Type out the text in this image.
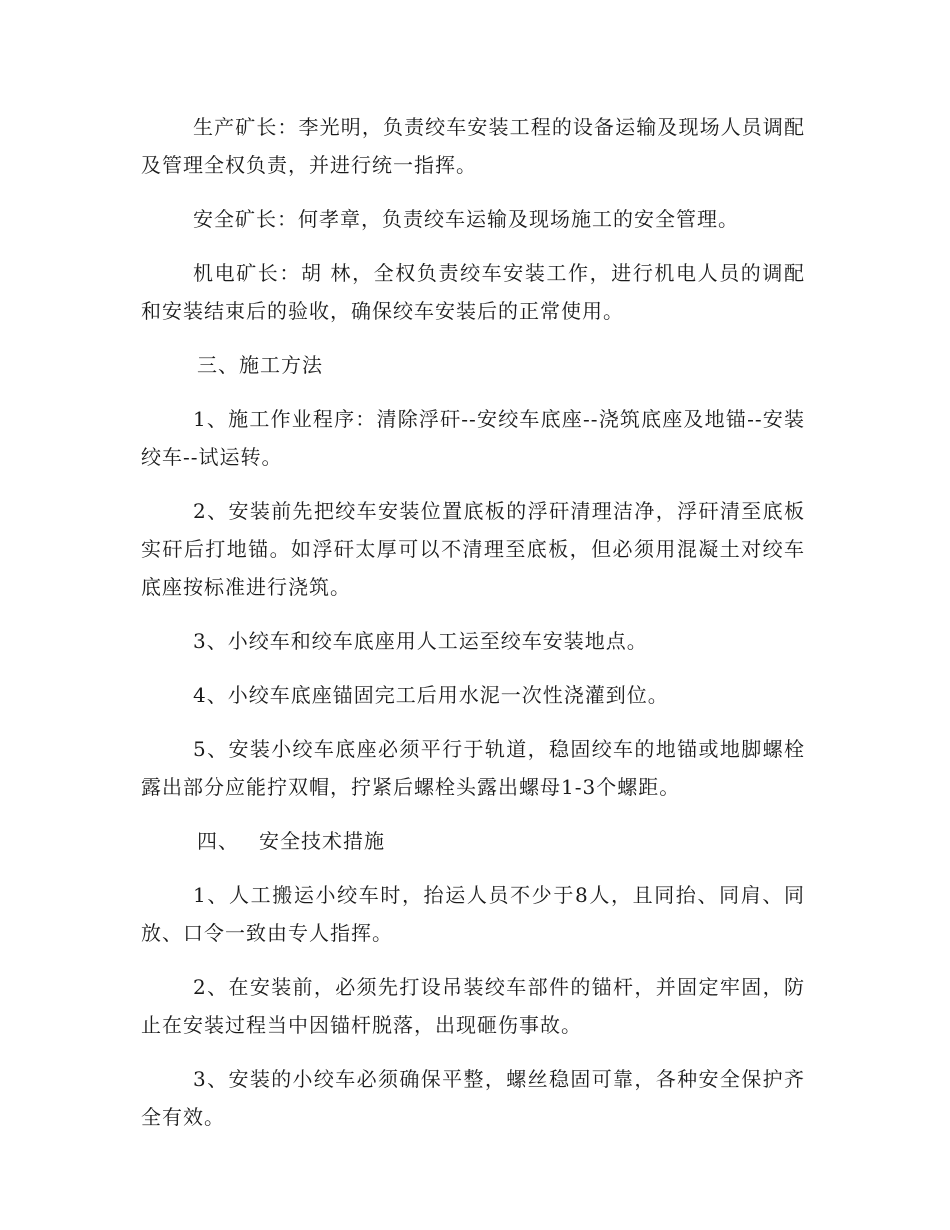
生产矿长：李光明，负责绞车安装工程的设备运输及现场人员调配及管理全权负责，并进行统一指挥。

安全矿长：何孝章，负责绞车运输及现场施工的安全管理。

机电矿长：胡 林，全权负责绞车安装工作，进行机电人员的调配和安装结束后的验收，确保绞车安装后的正常使用。

三、施工方法

1、施工作业程序：清除浮矸--安绞车底座--浇筑底座及地锚--安装绞车--试运转。

2、安装前先把绞车安装位置底板的浮矸清理洁净，浮矸清至底板实矸后打地锚。如浮矸太厚可以不清理至底板，但必须用混凝土对绞车底座按标准进行浇筑。

3、小绞车和绞车底座用人工运至绞车安装地点。

4、小绞车底座锚固完工后用水泥一次性浇灌到位。

5、安装小绞车底座必须平行于轨道，稳固绞车的地锚或地脚螺栓露出部分应能拧双帽，拧紧后螺栓头露出螺母1-3个螺距。

四、 安全技术措施

1、人工搬运小绞车时，抬运人员不少于8人，且同抬、同肩、同放、口令一致由专人指挥。

2、在安装前，必须先打设吊装绞车部件的锚杆，并固定牢固，防止在安装过程当中因锚杆脱落，出现砸伤事故。

3、安装的小绞车必须确保平整，螺丝稳固可靠，各种安全保护齐全有效。
